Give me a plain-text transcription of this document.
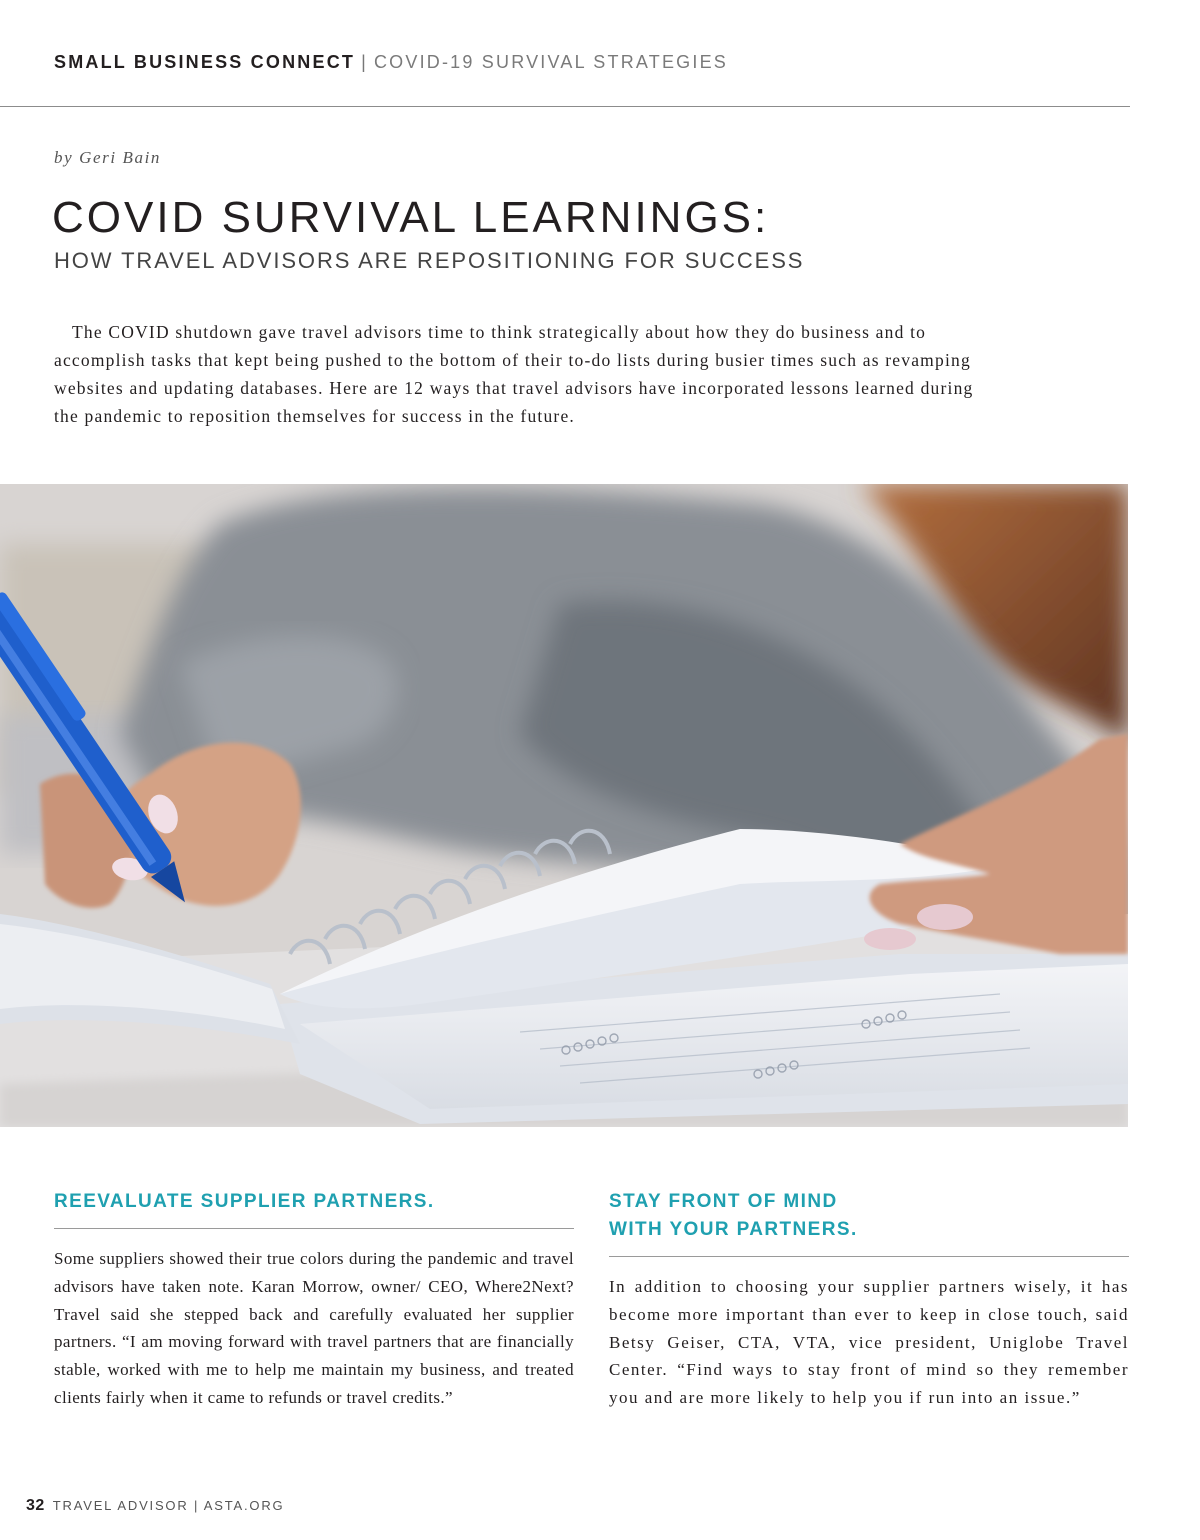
SMALL BUSINESS CONNECT | COVID-19 SURVIVAL STRATEGIES
by Geri Bain
COVID SURVIVAL LEARNINGS:
HOW TRAVEL ADVISORS ARE REPOSITIONING FOR SUCCESS

The COVID shutdown gave travel advisors time to think strategically about how they do business and to accomplish tasks that kept being pushed to the bottom of their to-do lists during busier times such as revamping websites and updating databases. Here are 12 ways that travel advisors have incorporated lessons learned during the pandemic to reposition themselves for success in the future.

REEVALUATE SUPPLIER PARTNERS.

Some suppliers showed their true colors during the pandemic and travel advisors have taken note. Karan Morrow, owner/ CEO, Where2Next? Travel said she stepped back and carefully evaluated her supplier partners. “I am moving forward with travel partners that are financially stable, worked with me to help me maintain my business, and treated clients fairly when it came to refunds or travel credits.”

STAY FRONT OF MIND
WITH YOUR PARTNERS.

In addition to choosing your supplier partners wisely, it has become more important than ever to keep in close touch, said Betsy Geiser, CTA, VTA, vice president, Uniglobe Travel Center. “Find ways to stay front of mind so they remember you and are more likely to help you if run into an issue.”

32 TRAVEL ADVISOR | ASTA.ORG
